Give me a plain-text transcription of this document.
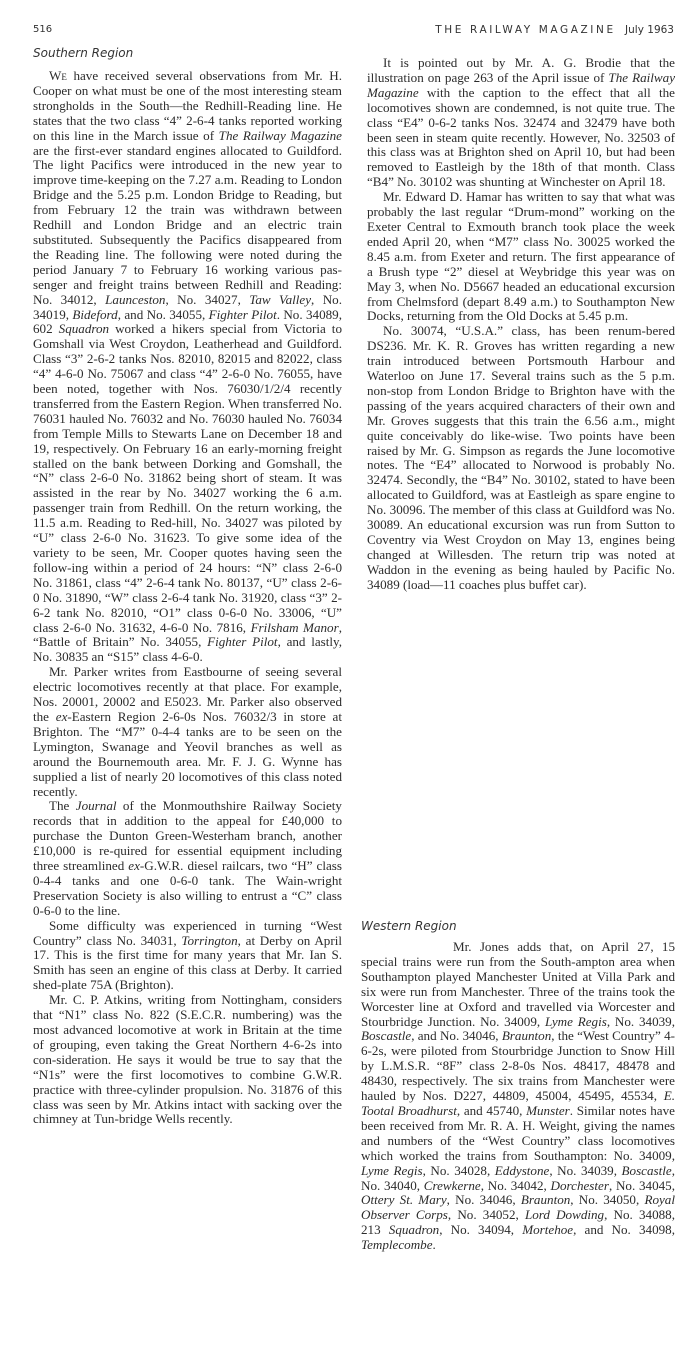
516	THE RAILWAY MAGAZINE July 1963
Southern Region

We have received several observations from Mr. H. Cooper on what must be one of the most interesting steam strongholds in the South—the Redhill-Reading line. He states that the two class “4” 2-6-4 tanks reported working on this line in the March issue of The Railway Magazine are the first-ever standard engines allocated to Guildford. The light Pacifics were introduced in the new year to improve time-keeping on the 7.27 a.m. Reading to London Bridge and the 5.25 p.m. London Bridge to Reading, but from February 12 the train was withdrawn between Redhill and London Bridge and an electric train substituted. Subsequently the Pacifics disappeared from the Reading line. The following were noted during the period January 7 to February 16 working various pas-senger and freight trains between Redhill and Reading: No. 34012, Launceston, No. 34027, Taw Valley, No. 34019, Bideford, and No. 34055, Fighter Pilot. No. 34089, 602 Squadron worked a hikers special from Victoria to Gomshall via West Croydon, Leatherhead and Guildford. Class “3” 2-6-2 tanks Nos. 82010, 82015 and 82022, class “4” 4-6-0 No. 75067 and class “4” 2-6-0 No. 76055, have been noted, together with Nos. 76030/1/2/4 recently transferred from the Eastern Region. When transferred No. 76031 hauled No. 76032 and No. 76030 hauled No. 76034 from Temple Mills to Stewarts Lane on December 18 and 19, respectively. On February 16 an early-morning freight stalled on the bank between Dorking and Gomshall, the “N” class 2-6-0 No. 31862 being short of steam. It was assisted in the rear by No. 34027 working the 6 a.m. passenger train from Redhill. On the return working, the 11.5 a.m. Reading to Red-hill, No. 34027 was piloted by “U” class 2-6-0 No. 31623. To give some idea of the variety to be seen, Mr. Cooper quotes having seen the follow-ing within a period of 24 hours: “N” class 2-6-0 No. 31861, class “4” 2-6-4 tank No. 80137, “U” class 2-6-0 No. 31890, “W” class 2-6-4 tank No. 31920, class “3” 2-6-2 tank No. 82010, “O1” class 0-6-0 No. 33006, “U” class 2-6-0 No. 31632, 4-6-0 No. 7816, Frilsham Manor, “Battle of Britain” No. 34055, Fighter Pilot, and lastly, No. 30835 an “S15” class 4-6-0.

Mr. Parker writes from Eastbourne of seeing several electric locomotives recently at that place. For example, Nos. 20001, 20002 and E5023. Mr. Parker also observed the ex-Eastern Region 2-6-0s Nos. 76032/3 in store at Brighton. The “M7” 0-4-4 tanks are to be seen on the Lymington, Swanage and Yeovil branches as well as around the Bournemouth area. Mr. F. J. G. Wynne has supplied a list of nearly 20 locomotives of this class noted recently.

The Journal of the Monmouthshire Railway Society records that in addition to the appeal for £40,000 to purchase the Dunton Green-Westerham branch, another £10,000 is re-quired for essential equipment including three streamlined ex-G.W.R. diesel railcars, two “H” class 0-4-4 tanks and one 0-6-0 tank. The Wain-wright Preservation Society is also willing to entrust a “C” class 0-6-0 to the line.

Some difficulty was experienced in turning “West Country” class No. 34031, Torrington, at Derby on April 17. This is the first time for many years that Mr. Ian S. Smith has seen an engine of this class at Derby. It carried shed-plate 75A (Brighton).

Mr. C. P. Atkins, writing from Nottingham, considers that “N1” class No. 822 (S.E.C.R. numbering) was the most advanced locomotive at work in Britain at the time of grouping, even taking the Great Northern 4-6-2s into con-sideration. He says it would be true to say that the “N1s” were the first locomotives to combine G.W.R. practice with three-cylinder propulsion. No. 31876 of this class was seen by Mr. Atkins intact with sacking over the chimney at Tun-bridge Wells recently.

It is pointed out by Mr. A. G. Brodie that the illustration on page 263 of the April issue of The Railway Magazine with the caption to the effect that all the locomotives shown are condemned, is not quite true. The class “E4” 0-6-2 tanks Nos. 32474 and 32479 have both been seen in steam quite recently. However, No. 32503 of this class was at Brighton shed on April 10, but had been removed to Eastleigh by the 18th of that month. Class “B4” No. 30102 was shunting at Winchester on April 18.

Mr. Edward D. Hamar has written to say that what was probably the last regular “Drum-mond” working on the Exeter Central to Exmouth branch took place the week ended April 20, when “M7” class No. 30025 worked the 8.45 a.m. from Exeter and return. The first appearance of a Brush type “2” diesel at Weybridge this year was on May 3, when No. D5667 headed an educational excursion from Chelmsford (depart 8.49 a.m.) to Southampton New Docks, returning from the Old Docks at 5.45 p.m.

No. 30074, “U.S.A.” class, has been renum-bered DS236. Mr. K. R. Groves has written regarding a new train introduced between Portsmouth Harbour and Waterloo on June 17. Several trains such as the 5 p.m. non-stop from London Bridge to Brighton have with the passing of the years acquired characters of their own and Mr. Groves suggests that this train the 6.56 a.m., might quite conceivably do like-wise. Two points have been raised by Mr. G. Simpson as regards the June locomotive notes. The “E4” allocated to Norwood is probably No. 32474. Secondly, the “B4” No. 30102, stated to have been allocated to Guildford, was at Eastleigh as spare engine to No. 30096. The member of this class at Guildford was No. 30089. An educational excursion was run from Sutton to Coventry via West Croydon on May 13, engines being changed at Willesden. The return trip was noted at Waddon in the evening as being hauled by Pacific No. 34089 (load—11 coaches plus buffet car).

Western Region

Mr. Jones adds that, on April 27, 15 special trains were run from the South-ampton area when Southampton played Manchester United at Villa Park and six were run from Manchester. Three of the trains took the Worcester line at Oxford and travelled via Worcester and Stourbridge Junction. No. 34009, Lyme Regis, No. 34039, Boscastle, and No. 34046, Braunton, the “West Country” 4-6-2s, were piloted from Stourbridge Junction to Snow Hill by L.M.S.R. “8F” class 2-8-0s Nos. 48417, 48478 and 48430, respectively. The six trains from Manchester were hauled by Nos. D227, 44809, 45004, 45495, 45534, E. Tootal Broadhurst, and 45740, Munster. Similar notes have been received from Mr. R. A. H. Weight, giving the names and numbers of the “West Country” class locomotives which worked the trains from Southampton: No. 34009, Lyme Regis, No. 34028, Eddystone, No. 34039, Boscastle, No. 34040, Crewkerne, No. 34042, Dorchester, No. 34045, Ottery St. Mary, No. 34046, Braunton, No. 34050, Royal Observer Corps, No. 34052, Lord Dowding, No. 34088, 213 Squadron, No. 34094, Mortehoe, and No. 34098, Templecombe.
